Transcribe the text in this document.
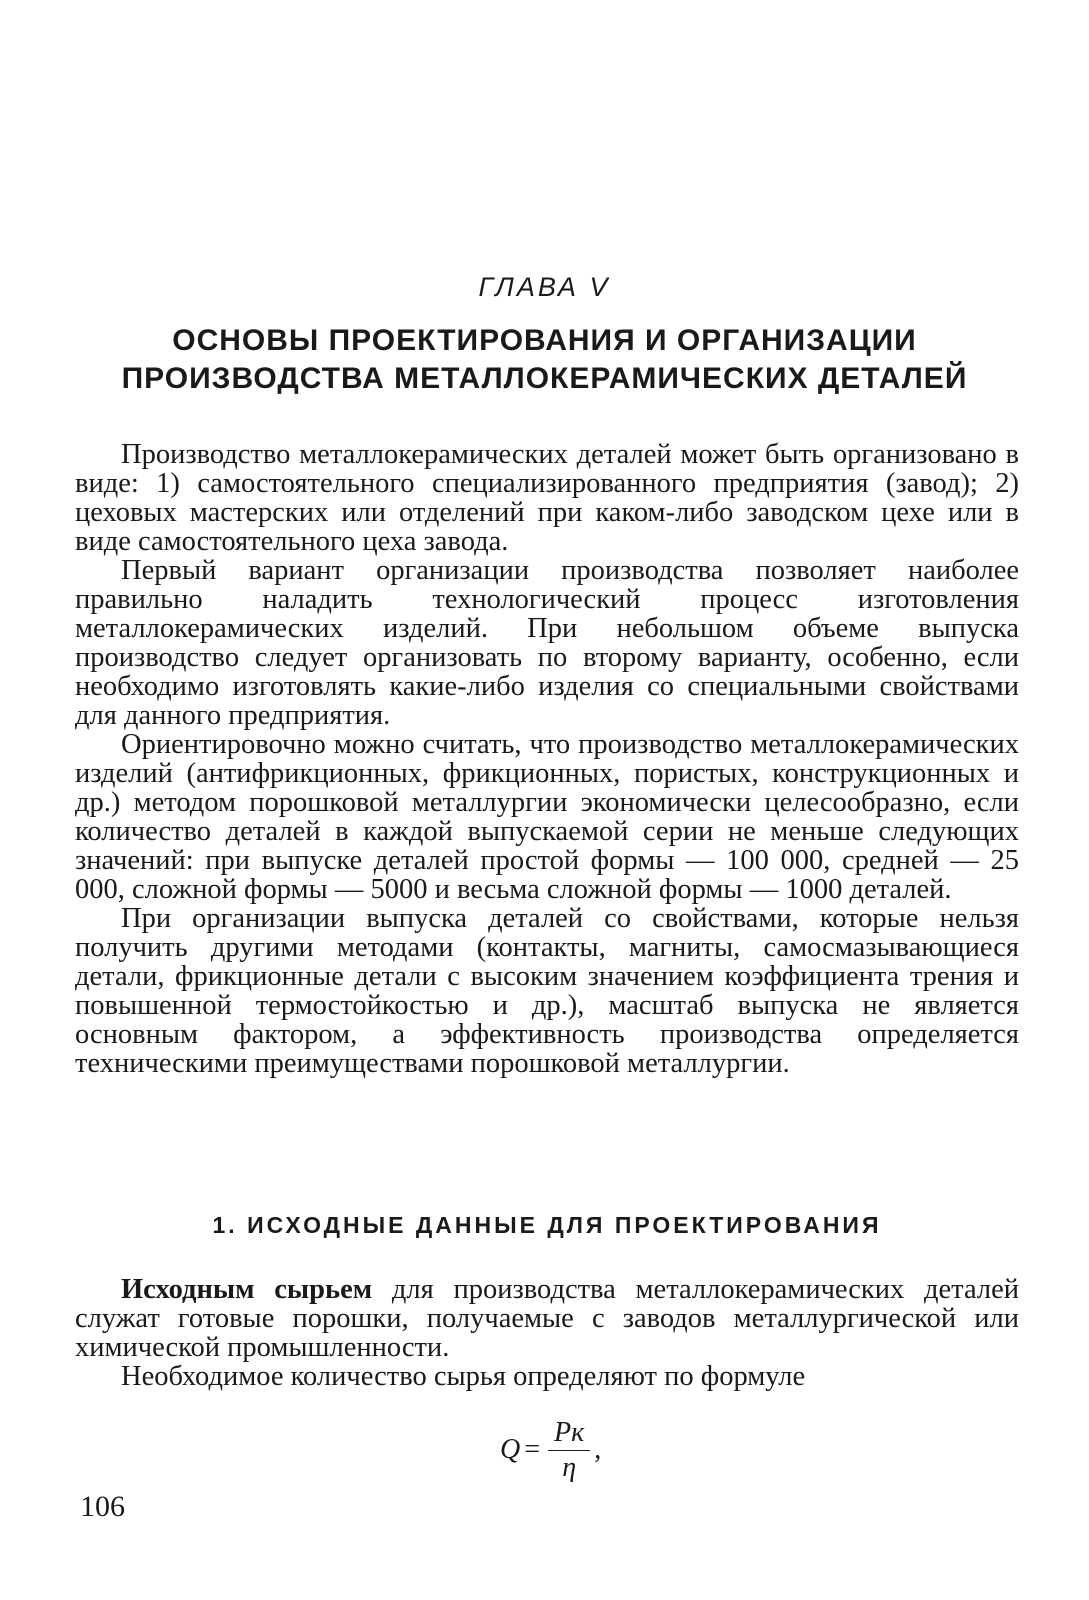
ГЛАВА V
ОСНОВЫ ПРОЕКТИРОВАНИЯ И ОРГАНИЗАЦИИ
ПРОИЗВОДСТВА МЕТАЛЛОКЕРАМИЧЕСКИХ ДЕТАЛЕЙ

Производство металлокерамических деталей может быть организовано в виде: 1) самостоятельного специализированного предприятия (завод); 2) цеховых мастерских или отделений при каком-либо заводском цехе или в виде самостоятельного цеха завода.

Первый вариант организации производства позволяет наиболее правильно наладить технологический процесс изготовления металлокерамических изделий. При небольшом объеме выпуска производство следует организовать по второму варианту, особенно, если необходимо изготовлять какие-либо изделия со специальными свойствами для данного предприятия.

Ориентировочно можно считать, что производство металлокерамических изделий (антифрикционных, фрикционных, пористых, конструкционных и др.) методом порошковой металлургии экономически целесообразно, если количество деталей в каждой выпускаемой серии не меньше следующих значений: при выпуске деталей простой формы — 100 000, средней — 25 000, сложной формы — 5000 и весьма сложной формы — 1000 деталей.

При организации выпуска деталей со свойствами, которые нельзя получить другими методами (контакты, магниты, самосмазывающиеся детали, фрикционные детали с высоким значением коэффициента трения и повышенной термостойкостью и др.), масштаб выпуска не является основным фактором, а эффективность производства определяется техническими преимуществами порошковой металлургии.

1. ИСХОДНЫЕ ДАННЫЕ ДЛЯ ПРОЕКТИРОВАНИЯ

Исходным сырьем для производства металлокерамических деталей служат готовые порошки, получаемые с заводов металлургической или химической промышленности.

Необходимое количество сырья определяют по формуле

$Q = \frac{Pк}{\eta}$ ,
106
